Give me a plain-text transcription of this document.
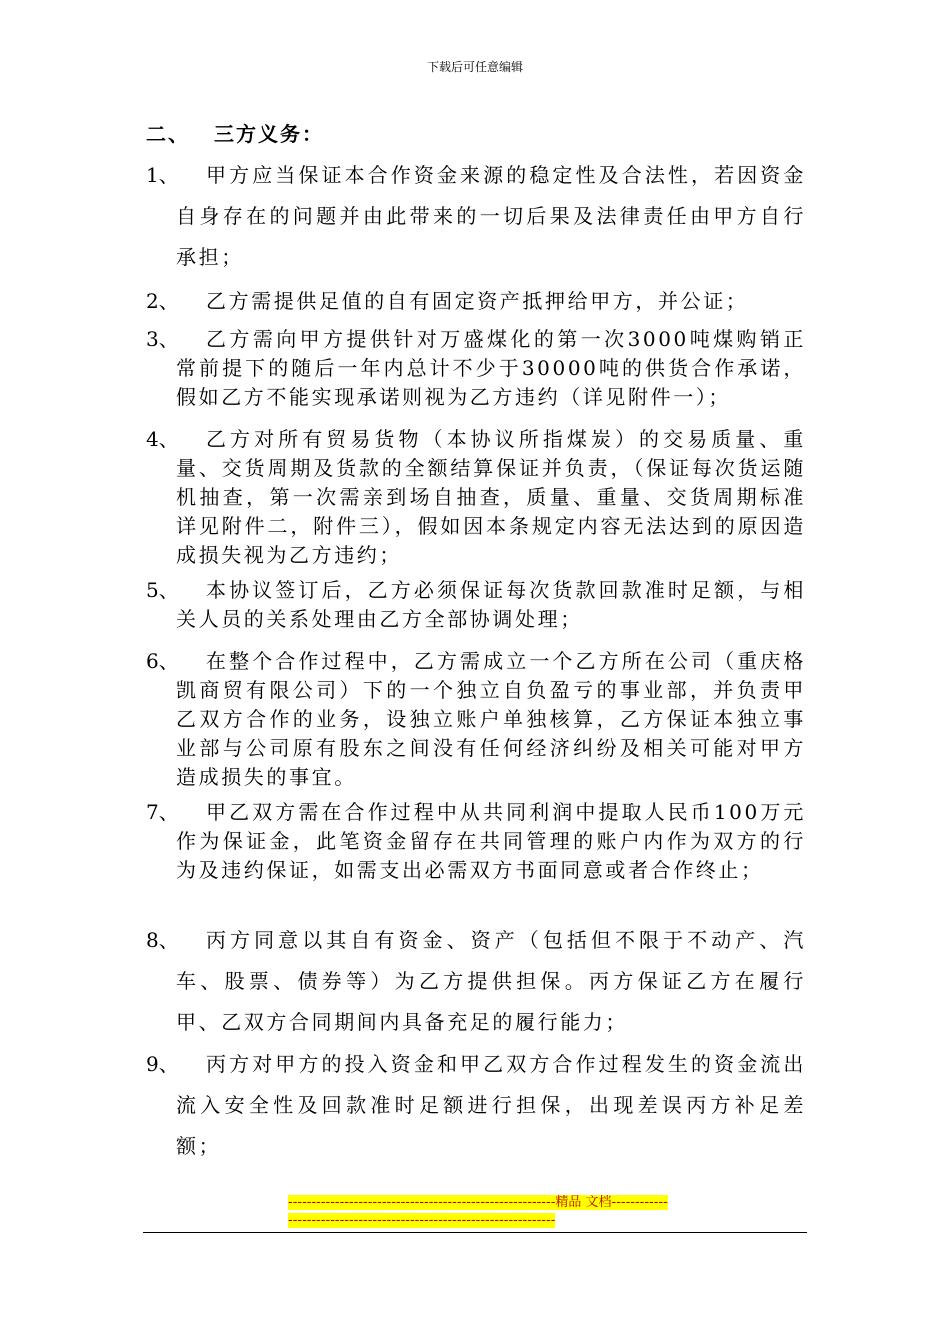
下载后可任意编辑
二、 三方义务：
1、	甲方应当保证本合作资金来源的稳定性及合法性，若因资金自身存在的问题并由此带来的一切后果及法律责任由甲方自行承担；
2、	乙方需提供足值的自有固定资产抵押给甲方，并公证；
3、	乙方需向甲方提供针对万盛煤化的第一次3000吨煤购销正常前提下的随后一年内总计不少于30000吨的供货合作承诺，假如乙方不能实现承诺则视为乙方违约（详见附件一）；
4、	乙方对所有贸易货物（本协议所指煤炭）的交易质量、重量、交货周期及货款的全额结算保证并负责，（保证每次货运随机抽查，第一次需亲到场自抽查，质量、重量、交货周期标准详见附件二，附件三），假如因本条规定内容无法达到的原因造成损失视为乙方违约；
5、	本协议签订后，乙方必须保证每次货款回款准时足额，与相关人员的关系处理由乙方全部协调处理；
6、	在整个合作过程中，乙方需成立一个乙方所在公司（重庆格凯商贸有限公司）下的一个独立自负盈亏的事业部，并负责甲乙双方合作的业务，设独立账户单独核算，乙方保证本独立事业部与公司原有股东之间没有任何经济纠纷及相关可能对甲方造成损失的事宜。
7、	甲乙双方需在合作过程中从共同利润中提取人民币100万元作为保证金，此笔资金留存在共同管理的账户内作为双方的行为及违约保证，如需支出必需双方书面同意或者合作终止；
8、	丙方同意以其自有资金、资产（包括但不限于不动产、汽车、股票、债券等）为乙方提供担保。丙方保证乙方在履行甲、乙双方合同期间内具备充足的履行能力；
9、	丙方对甲方的投入资金和甲乙双方合作过程发生的资金流出流入安全性及回款准时足额进行担保，出现差误丙方补足差额；
---------------------------------------------------------精品 文档---------------------------------------------------------------------
